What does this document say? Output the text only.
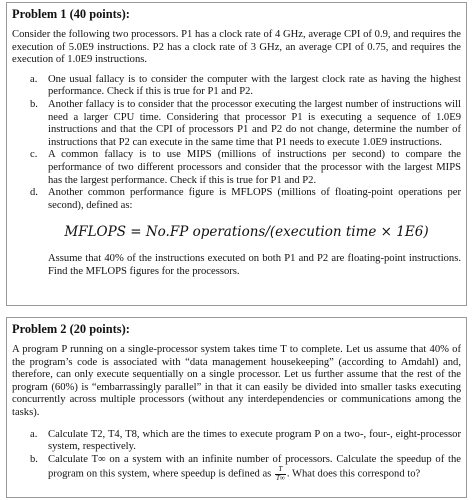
Problem 1 (40 points):

Consider the following two processors. P1 has a clock rate of 4 GHz, average CPI of 0.9, and requires the execution of 5.0E9 instructions. P2 has a clock rate of 3 GHz, an average CPI of 0.75, and requires the execution of 1.0E9 instructions.

a. One usual fallacy is to consider the computer with the largest clock rate as having the highest performance. Check if this is true for P1 and P2.
b. Another fallacy is to consider that the processor executing the largest number of instructions will need a larger CPU time. Considering that processor P1 is executing a sequence of 1.0E9 instructions and that the CPI of processors P1 and P2 do not change, determine the number of instructions that P2 can execute in the same time that P1 needs to execute 1.0E9 instructions.
c. A common fallacy is to use MIPS (millions of instructions per second) to compare the performance of two different processors and consider that the processor with the largest MIPS has the largest performance. Check if this is true for P1 and P2.
d. Another common performance figure is MFLOPS (millions of floating-point operations per second), defined as:
MFLOPS = No.FP operations/(execution time × 1E6)

Assume that 40% of the instructions executed on both P1 and P2 are floating-point instructions. Find the MFLOPS figures for the processors.

Problem 2 (20 points):

A program P running on a single-processor system takes time T to complete. Let us assume that 40% of the program’s code is associated with “data management housekeeping” (according to Amdahl) and, therefore, can only execute sequentially on a single processor. Let us further assume that the rest of the program (60%) is “embarrassingly parallel” in that it can easily be divided into smaller tasks executing concurrently across multiple processors (without any interdependencies or communications among the tasks).

a. Calculate T2, T4, T8, which are the times to execute program P on a two-, four-, eight-processor system, respectively.
b. Calculate T∞ on a system with an infinite number of processors. Calculate the speedup of the program on this system, where speedup is defined as $\frac{T}{T\infty}$ . What does this correspond to?
